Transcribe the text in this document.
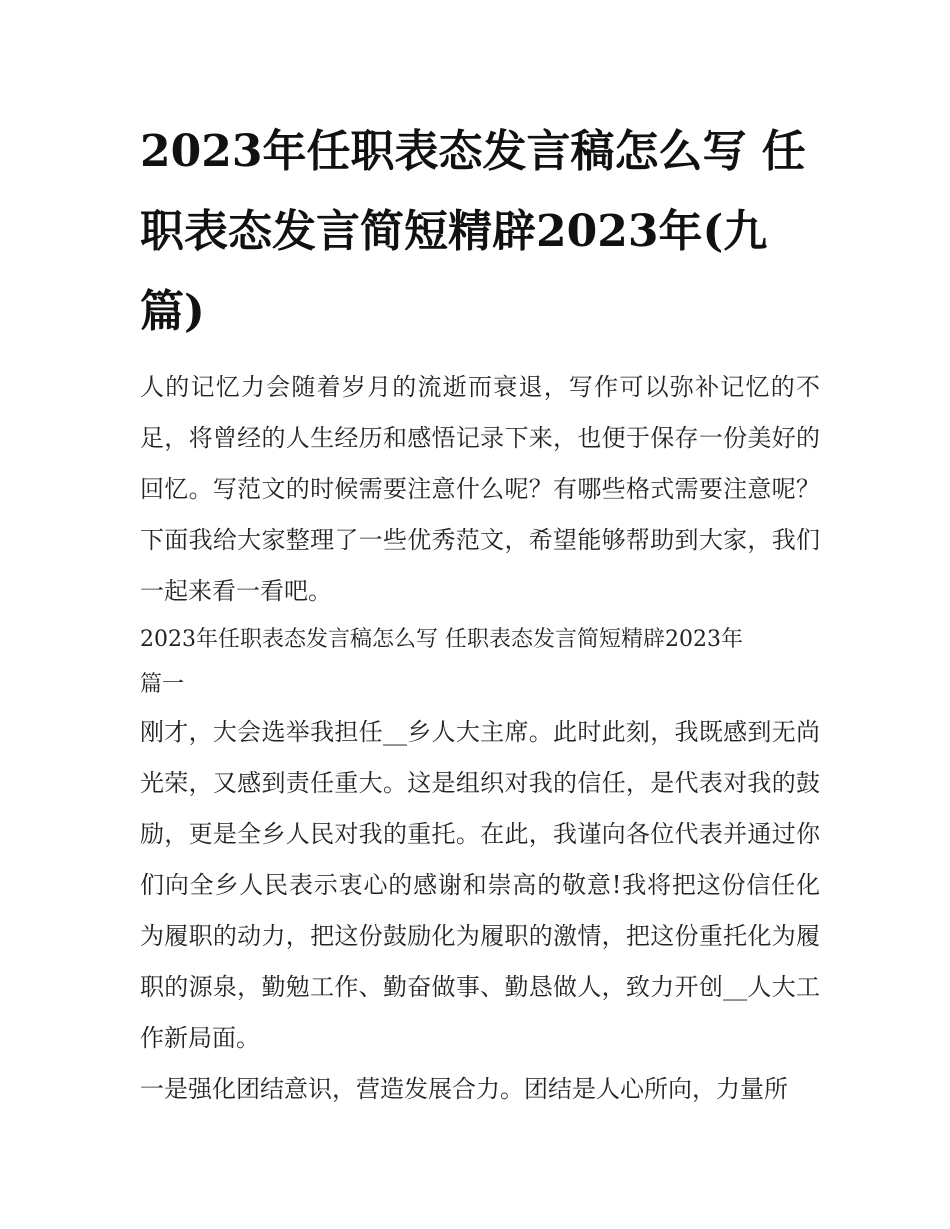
2023年任职表态发言稿怎么写 任职表态发言简短精辟2023年(九篇)

人的记忆力会随着岁月的流逝而衰退，写作可以弥补记忆的不足，将曾经的人生经历和感悟记录下来，也便于保存一份美好的回忆。写范文的时候需要注意什么呢？有哪些格式需要注意呢？下面我给大家整理了一些优秀范文，希望能够帮助到大家，我们一起来看一看吧。

2023年任职表态发言稿怎么写 任职表态发言简短精辟2023年
篇一

刚才，大会选举我担任__乡人大主席。此时此刻，我既感到无尚光荣，又感到责任重大。这是组织对我的信任，是代表对我的鼓励，更是全乡人民对我的重托。在此，我谨向各位代表并通过你们向全乡人民表示衷心的感谢和崇高的敬意!我将把这份信任化为履职的动力，把这份鼓励化为履职的激情，把这份重托化为履职的源泉，勤勉工作、勤奋做事、勤恳做人，致力开创__人大工作新局面。

一是强化团结意识，营造发展合力。团结是人心所向，力量所
